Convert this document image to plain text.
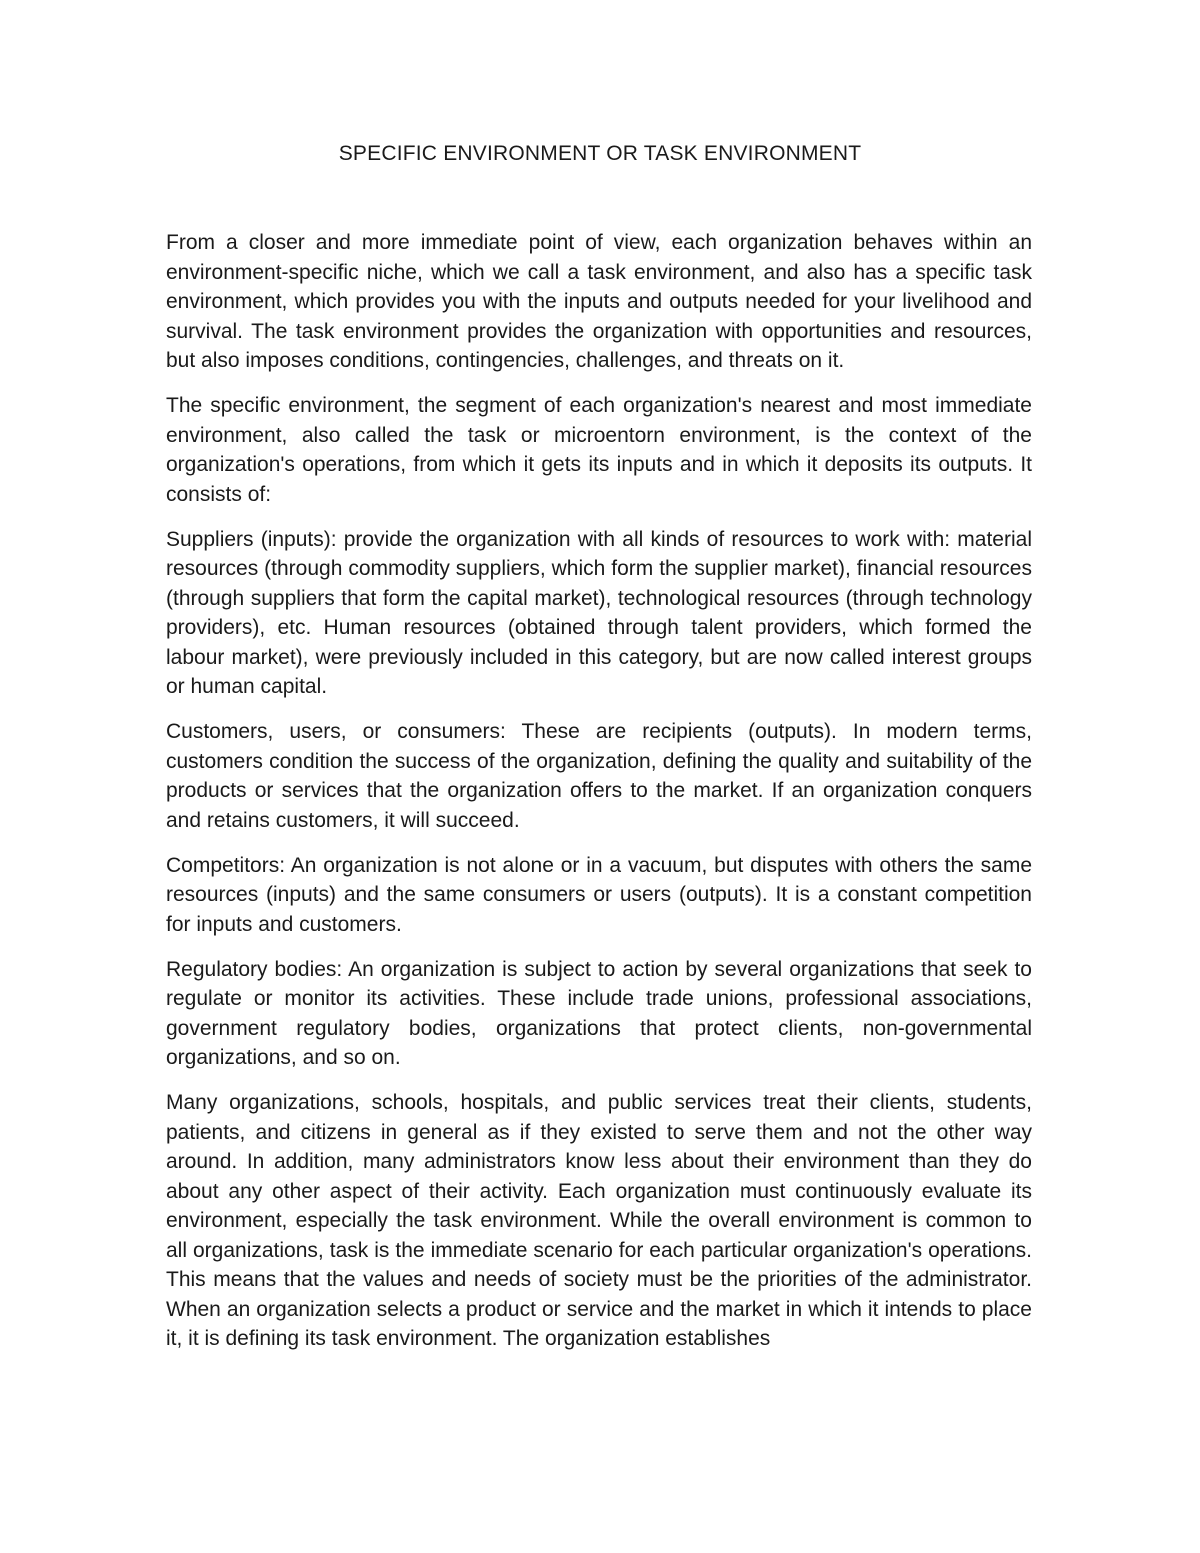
SPECIFIC ENVIRONMENT OR TASK ENVIRONMENT

From a closer and more immediate point of view, each organization behaves within an environment-specific niche, which we call a task environment, and also has a specific task environment, which provides you with the inputs and outputs needed for your livelihood and survival. The task environment provides the organization with opportunities and resources, but also imposes conditions, contingencies, challenges, and threats on it.

The specific environment, the segment of each organization's nearest and most immediate environment, also called the task or microentorn environment, is the context of the organization's operations, from which it gets its inputs and in which it deposits its outputs. It consists of:

Suppliers (inputs): provide the organization with all kinds of resources to work with: material resources (through commodity suppliers, which form the supplier market), financial resources (through suppliers that form the capital market), technological resources (through technology providers), etc. Human resources (obtained through talent providers, which formed the labour market), were previously included in this category, but are now called interest groups or human capital.

Customers, users, or consumers: These are recipients (outputs). In modern terms, customers condition the success of the organization, defining the quality and suitability of the products or services that the organization offers to the market. If an organization conquers and retains customers, it will succeed.

Competitors: An organization is not alone or in a vacuum, but disputes with others the same resources (inputs) and the same consumers or users (outputs). It is a constant competition for inputs and customers.

Regulatory bodies: An organization is subject to action by several organizations that seek to regulate or monitor its activities. These include trade unions, professional associations, government regulatory bodies, organizations that protect clients, non-governmental organizations, and so on.

Many organizations, schools, hospitals, and public services treat their clients, students, patients, and citizens in general as if they existed to serve them and not the other way around. In addition, many administrators know less about their environment than they do about any other aspect of their activity. Each organization must continuously evaluate its environment, especially the task environment. While the overall environment is common to all organizations, task is the immediate scenario for each particular organization's operations. This means that the values and needs of society must be the priorities of the administrator. When an organization selects a product or service and the market in which it intends to place it, it is defining its task environment. The organization establishes
